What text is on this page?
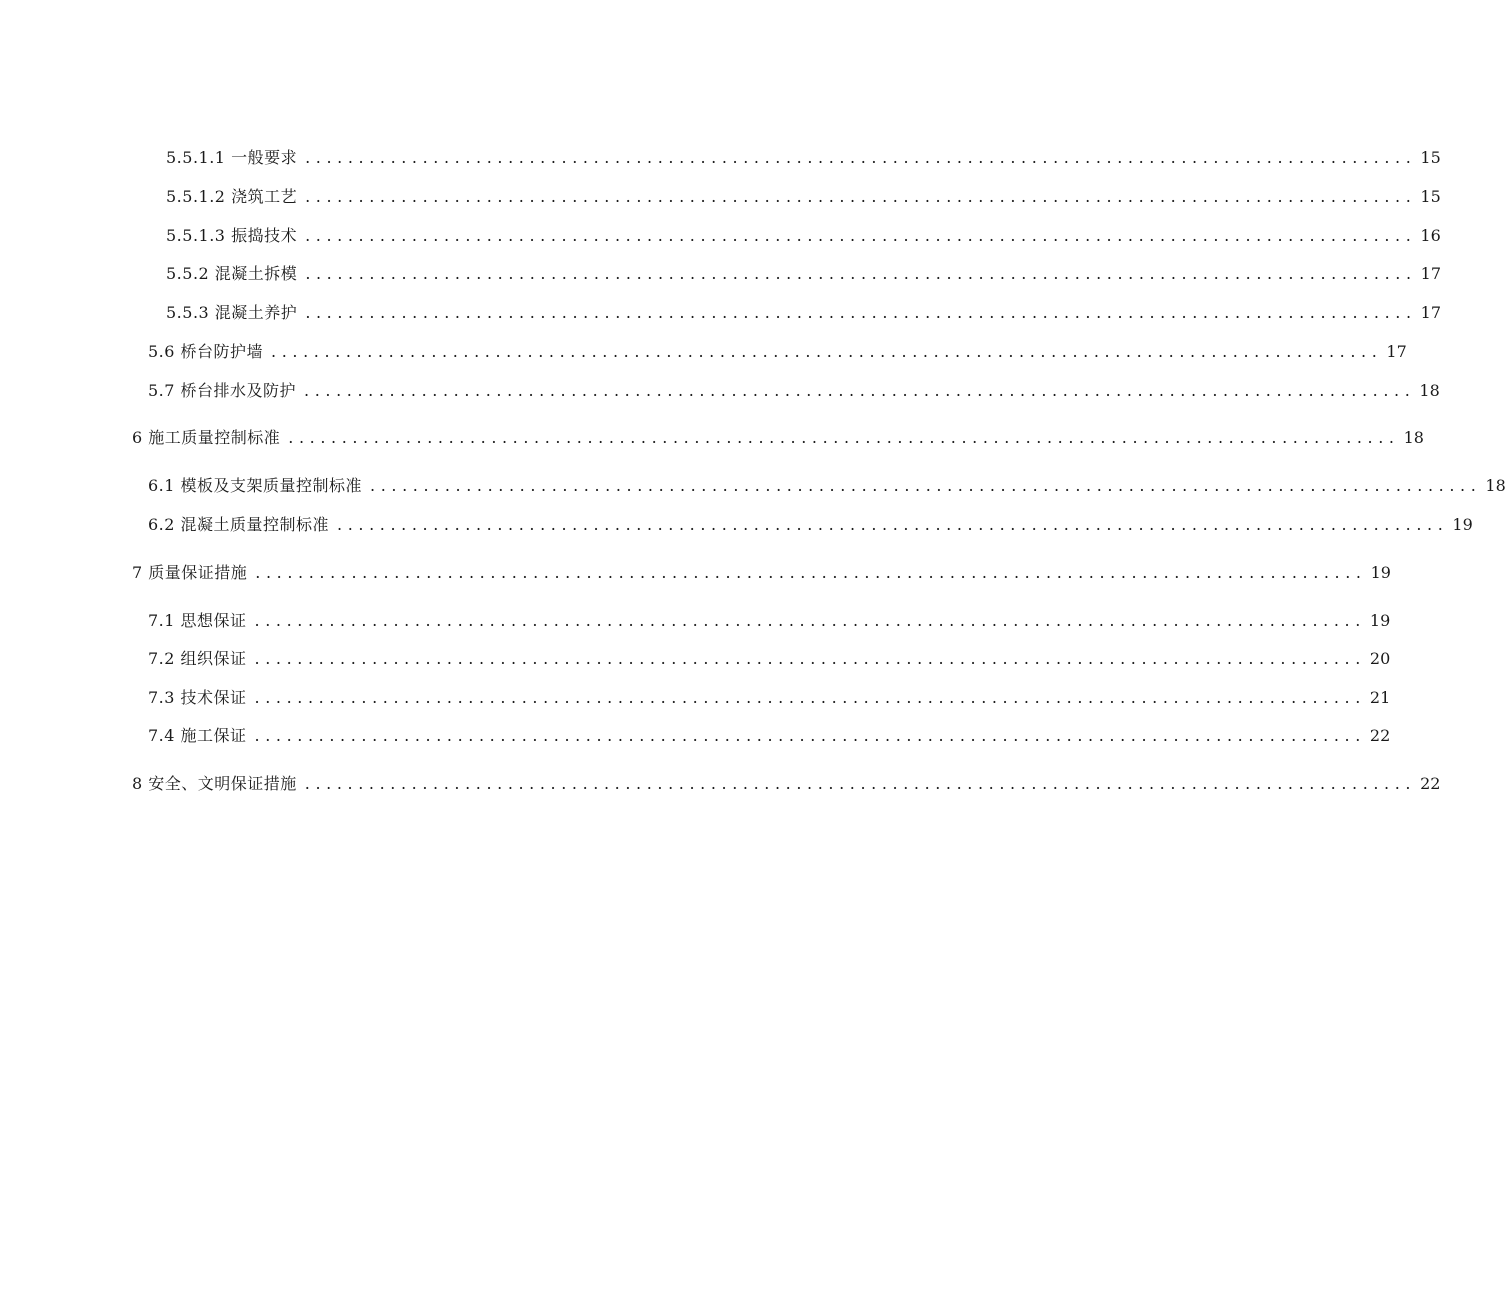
5.5.1.1 一般要求 ........................................................................................................ 15
5.5.1.2 浇筑工艺 ........................................................................................................ 15
5.5.1.3 振捣技术 ........................................................................................................ 16
5.5.2 混凝土拆模 ........................................................................................................ 17
5.5.3 混凝土养护 ........................................................................................................ 17
5.6 桥台防护墙 ........................................................................................................ 17
5.7 桥台排水及防护 ........................................................................................................ 18
6 施工质量控制标准 ........................................................................................................ 18
6.1 模板及支架质量控制标准 ........................................................................................................ 18
6.2 混凝土质量控制标准 ........................................................................................................ 19
7 质量保证措施 ........................................................................................................ 19
7.1 思想保证 ........................................................................................................ 19
7.2 组织保证 ........................................................................................................ 20
7.3 技术保证 ........................................................................................................ 21
7.4 施工保证 ........................................................................................................ 22
8 安全、文明保证措施 ........................................................................................................ 22
